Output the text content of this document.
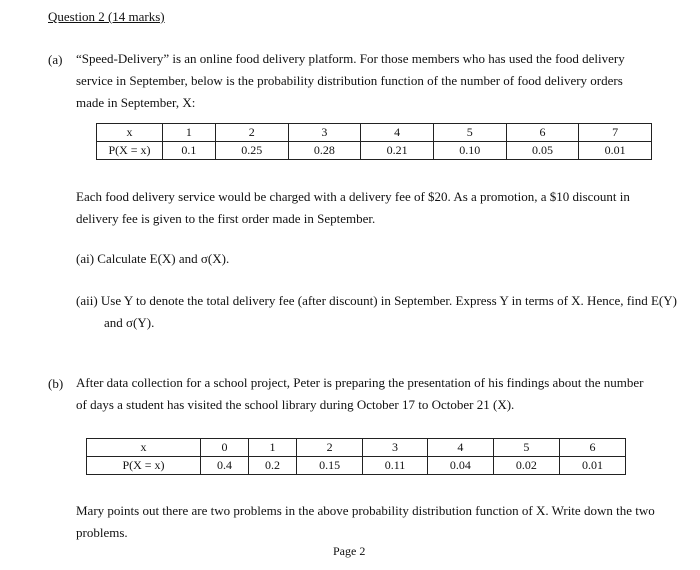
Question 2 (14 marks)
(a) “Speed-Delivery” is an online food delivery platform. For those members who has used the food delivery service in September, below is the probability distribution function of the number of food delivery orders made in September, X:
x	1	2	3	4	5	6	7
P(X = x)	0.1	0.25	0.28	0.21	0.10	0.05	0.01
Each food delivery service would be charged with a delivery fee of $20. As a promotion, a $10 discount in delivery fee is given to the first order made in September.
(ai) Calculate E(X) and σ(X).
(aii) Use Y to denote the total delivery fee (after discount) in September. Express Y in terms of X. Hence, find E(Y) and σ(Y).
(b) After data collection for a school project, Peter is preparing the presentation of his findings about the number of days a student has visited the school library during October 17 to October 21 (X).
x	0	1	2	3	4	5	6
P(X = x)	0.4	0.2	0.15	0.11	0.04	0.02	0.01
Mary points out there are two problems in the above probability distribution function of X. Write down the two problems.
Page 2
